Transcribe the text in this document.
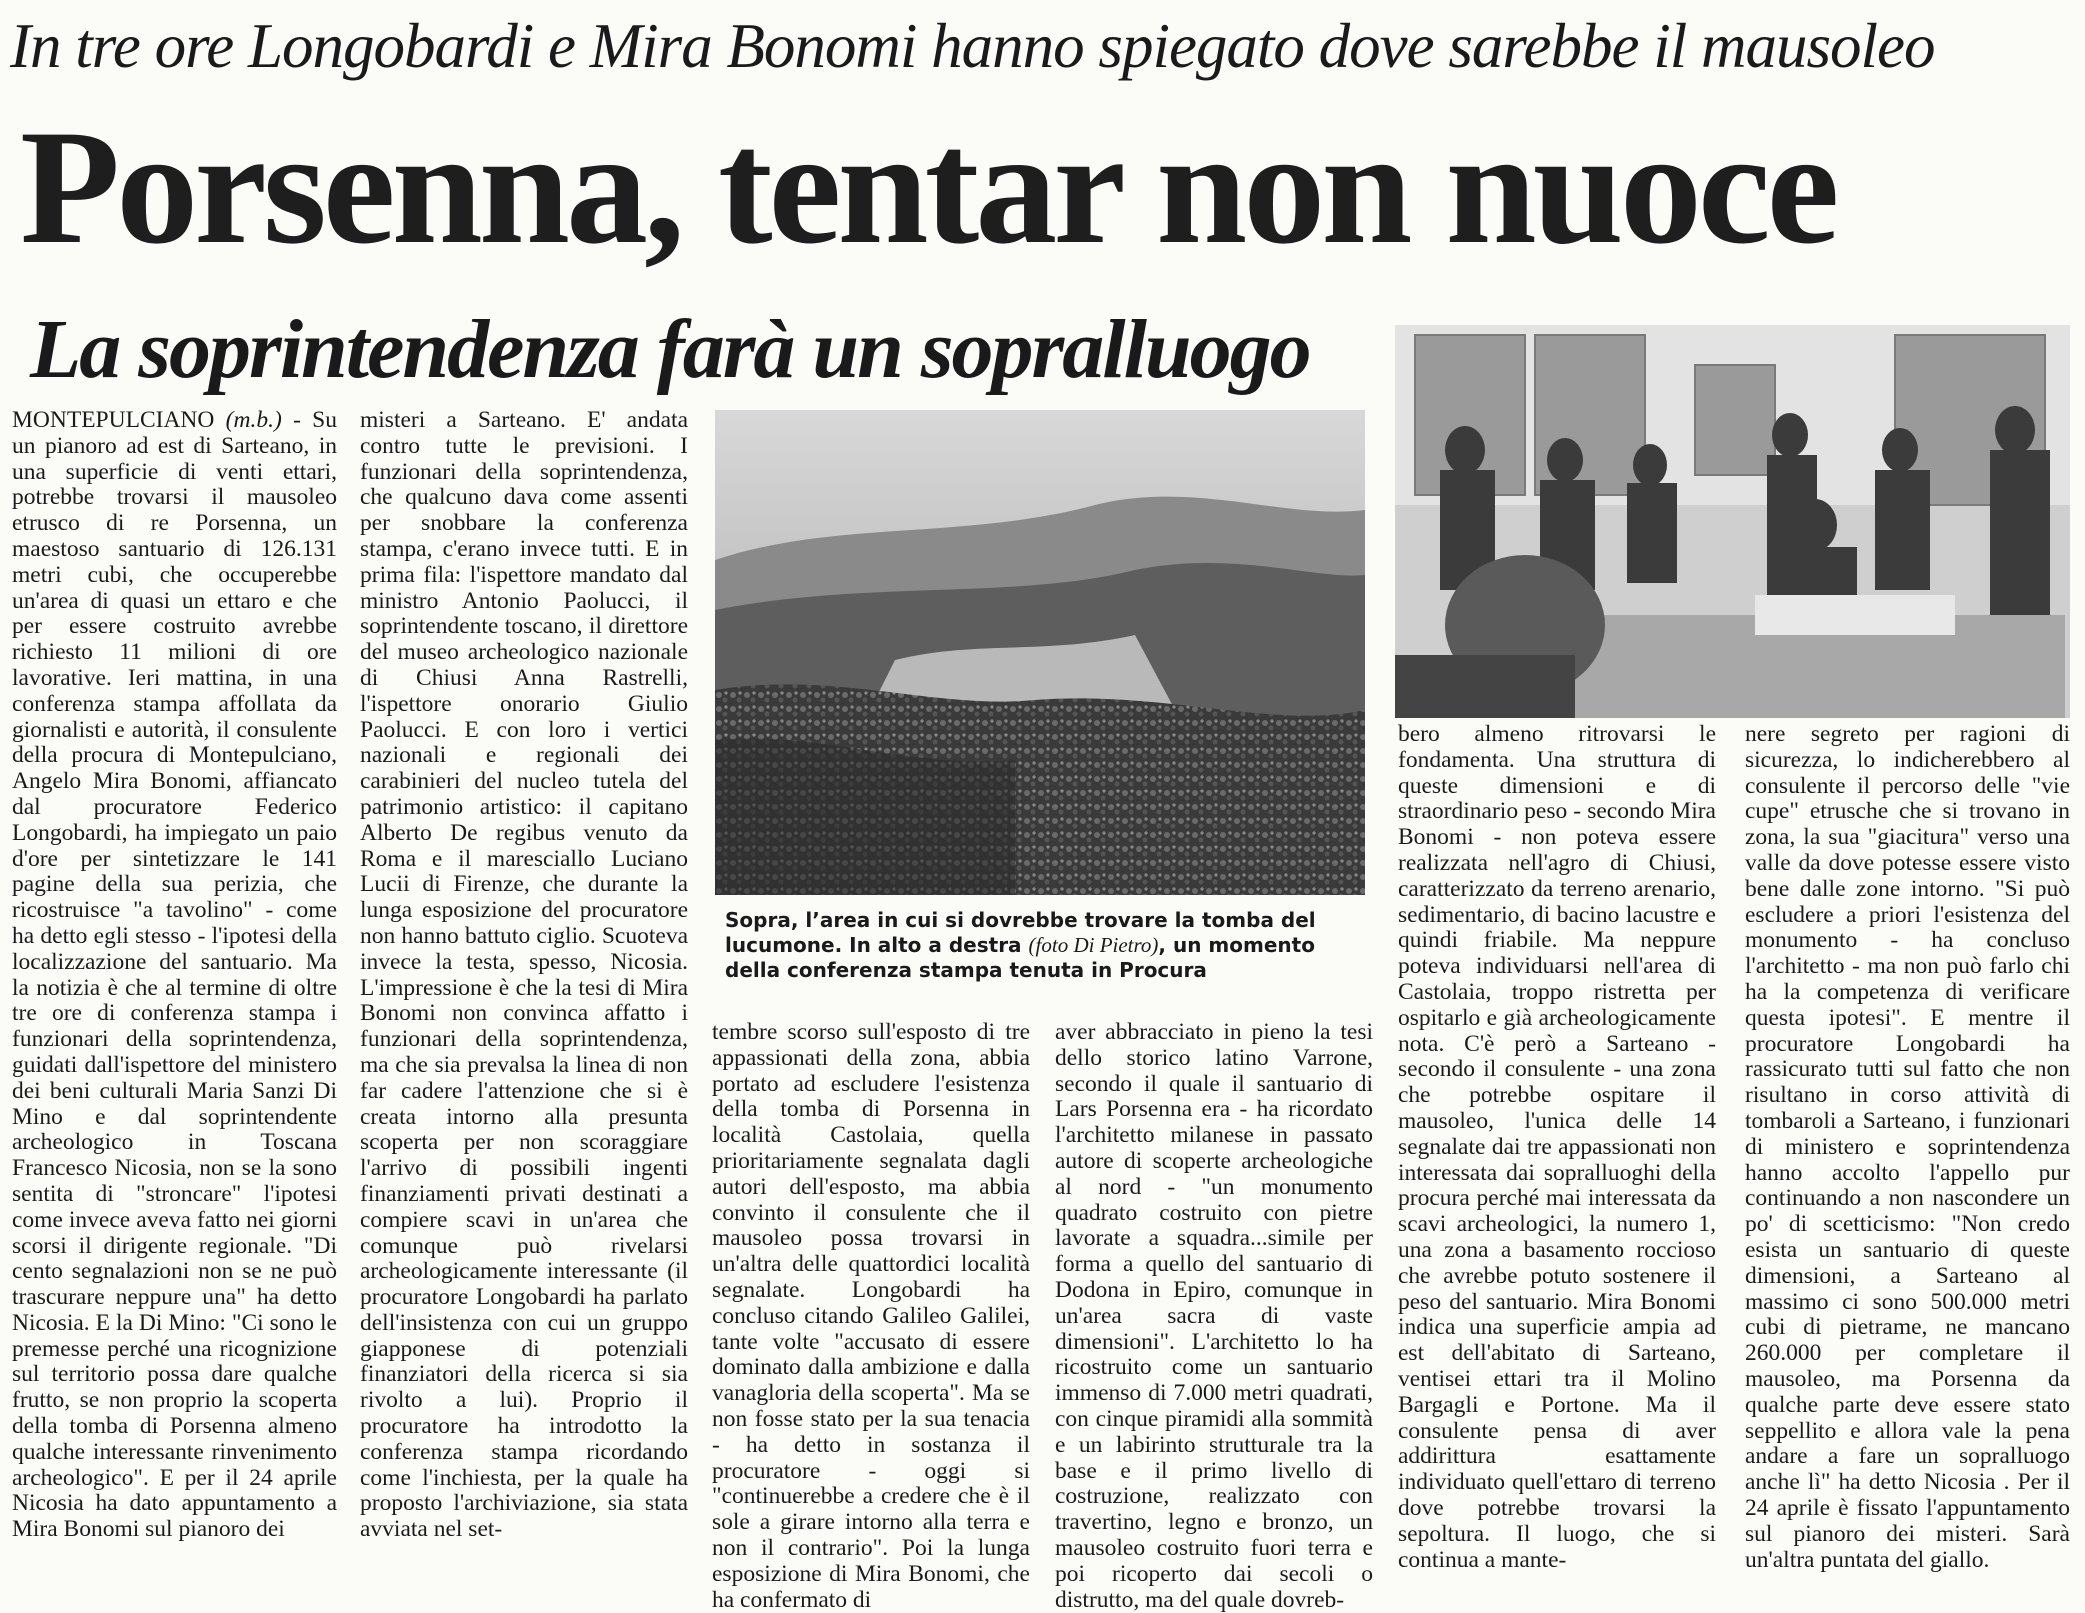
In tre ore Longobardi e Mira Bonomi hanno spiegato dove sarebbe il mausoleo
Porsenna, tentar non nuoce
La soprintendenza farà un sopralluogo

MONTEPULCIANO (m.b.) - Su un pianoro ad est di Sarteano, in una superficie di venti ettari, potrebbe trovarsi il mausoleo etrusco di re Porsenna, un maestoso santuario di 126.131 metri cubi, che occuperebbe un'area di quasi un ettaro e che per essere costruito avrebbe richiesto 11 milioni di ore lavorative. Ieri mattina, in una conferenza stampa affollata da giornalisti e autorità, il consulente della procura di Montepulciano, Angelo Mira Bonomi, affiancato dal procuratore Federico Longobardi, ha impiegato un paio d'ore per sintetizzare le 141 pagine della sua perizia, che ricostruisce "a tavolino" - come ha detto egli stesso - l'ipotesi della localizzazione del santuario. Ma la notizia è che al termine di oltre tre ore di conferenza stampa i funzionari della soprintendenza, guidati dall'ispettore del ministero dei beni culturali Maria Sanzi Di Mino e dal soprintendente archeologico in Toscana Francesco Nicosia, non se la sono sentita di "stroncare" l'ipotesi come invece aveva fatto nei giorni scorsi il dirigente regionale. "Di cento segnalazioni non se ne può trascurare neppure una" ha detto Nicosia. E la Di Mino: "Ci sono le premesse perché una ricognizione sul territorio possa dare qualche frutto, se non proprio la scoperta della tomba di Porsenna almeno qualche interessante rinvenimento archeologico". E per il 24 aprile Nicosia ha dato appuntamento a Mira Bonomi sul pianoro dei

misteri a Sarteano. E' andata contro tutte le previsioni. I funzionari della soprintendenza, che qualcuno dava come assenti per snobbare la conferenza stampa, c'erano invece tutti. E in prima fila: l'ispettore mandato dal ministro Antonio Paolucci, il soprintendente toscano, il direttore del museo archeologico nazionale di Chiusi Anna Rastrelli, l'ispettore onorario Giulio Paolucci. E con loro i vertici nazionali e regionali dei carabinieri del nucleo tutela del patrimonio artistico: il capitano Alberto De regibus venuto da Roma e il maresciallo Luciano Lucii di Firenze, che durante la lunga esposizione del procuratore non hanno battuto ciglio. Scuoteva invece la testa, spesso, Nicosia. L'impressione è che la tesi di Mira Bonomi non convinca affatto i funzionari della soprintendenza, ma che sia prevalsa la linea di non far cadere l'attenzione che si è creata intorno alla presunta scoperta per non scoraggiare l'arrivo di possibili ingenti finanziamenti privati destinati a compiere scavi in un'area che comunque può rivelarsi archeologicamente interessante (il procuratore Longobardi ha parlato dell'insistenza con cui un gruppo giapponese di potenziali finanziatori della ricerca si sia rivolto a lui). Proprio il procuratore ha introdotto la conferenza stampa ricordando come l'inchiesta, per la quale ha proposto l'archiviazione, sia stata avviata nel set-

Sopra, l’area in cui si dovrebbe trovare la tomba del lucumone. In alto a destra (foto Di Pietro), un momento della conferenza stampa tenuta in Procura

tembre scorso sull'esposto di tre appassionati della zona, abbia portato ad escludere l'esistenza della tomba di Porsenna in località Castolaia, quella prioritariamente segnalata dagli autori dell'esposto, ma abbia convinto il consulente che il mausoleo possa trovarsi in un'altra delle quattordici località segnalate. Longobardi ha concluso citando Galileo Galilei, tante volte "accusato di essere dominato dalla ambizione e dalla vanagloria della scoperta". Ma se non fosse stato per la sua tenacia - ha detto in sostanza il procuratore - oggi si "continuerebbe a credere che è il sole a girare intorno alla terra e non il contrario". Poi la lunga esposizione di Mira Bonomi, che ha confermato di

aver abbracciato in pieno la tesi dello storico latino Varrone, secondo il quale il santuario di Lars Porsenna era - ha ricordato l'architetto milanese in passato autore di scoperte archeologiche al nord - "un monumento quadrato costruito con pietre lavorate a squadra...simile per forma a quello del santuario di Dodona in Epiro, comunque in un'area sacra di vaste dimensioni". L'architetto lo ha ricostruito come un santuario immenso di 7.000 metri quadrati, con cinque piramidi alla sommità e un labirinto strutturale tra la base e il primo livello di costruzione, realizzato con travertino, legno e bronzo, un mausoleo costruito fuori terra e poi ricoperto dai secoli o distrutto, ma del quale dovreb-

bero almeno ritrovarsi le fondamenta. Una struttura di queste dimensioni e di straordinario peso - secondo Mira Bonomi - non poteva essere realizzata nell'agro di Chiusi, caratterizzato da terreno arenario, sedimentario, di bacino lacustre e quindi friabile. Ma neppure poteva individuarsi nell'area di Castolaia, troppo ristretta per ospitarlo e già archeologicamente nota. C'è però a Sarteano - secondo il consulente - una zona che potrebbe ospitare il mausoleo, l'unica delle 14 segnalate dai tre appassionati non interessata dai sopralluoghi della procura perché mai interessata da scavi archeologici, la numero 1, una zona a basamento roccioso che avrebbe potuto sostenere il peso del santuario. Mira Bonomi indica una superficie ampia ad est dell'abitato di Sarteano, ventisei ettari tra il Molino Bargagli e Portone. Ma il consulente pensa di aver addirittura esattamente individuato quell'ettaro di terreno dove potrebbe trovarsi la sepoltura. Il luogo, che si continua a mante-

nere segreto per ragioni di sicurezza, lo indicherebbero al consulente il percorso delle "vie cupe" etrusche che si trovano in zona, la sua "giacitura" verso una valle da dove potesse essere visto bene dalle zone intorno. "Si può escludere a priori l'esistenza del monumento - ha concluso l'architetto - ma non può farlo chi ha la competenza di verificare questa ipotesi". E mentre il procuratore Longobardi ha rassicurato tutti sul fatto che non risultano in corso attività di tombaroli a Sarteano, i funzionari di ministero e soprintendenza hanno accolto l'appello pur continuando a non nascondere un po' di scetticismo: "Non credo esista un santuario di queste dimensioni, a Sarteano al massimo ci sono 500.000 metri cubi di pietrame, ne mancano 260.000 per completare il mausoleo, ma Porsenna da qualche parte deve essere stato seppellito e allora vale la pena andare a fare un sopralluogo anche lì" ha detto Nicosia . Per il 24 aprile è fissato l'appuntamento sul pianoro dei misteri. Sarà un'altra puntata del giallo.
